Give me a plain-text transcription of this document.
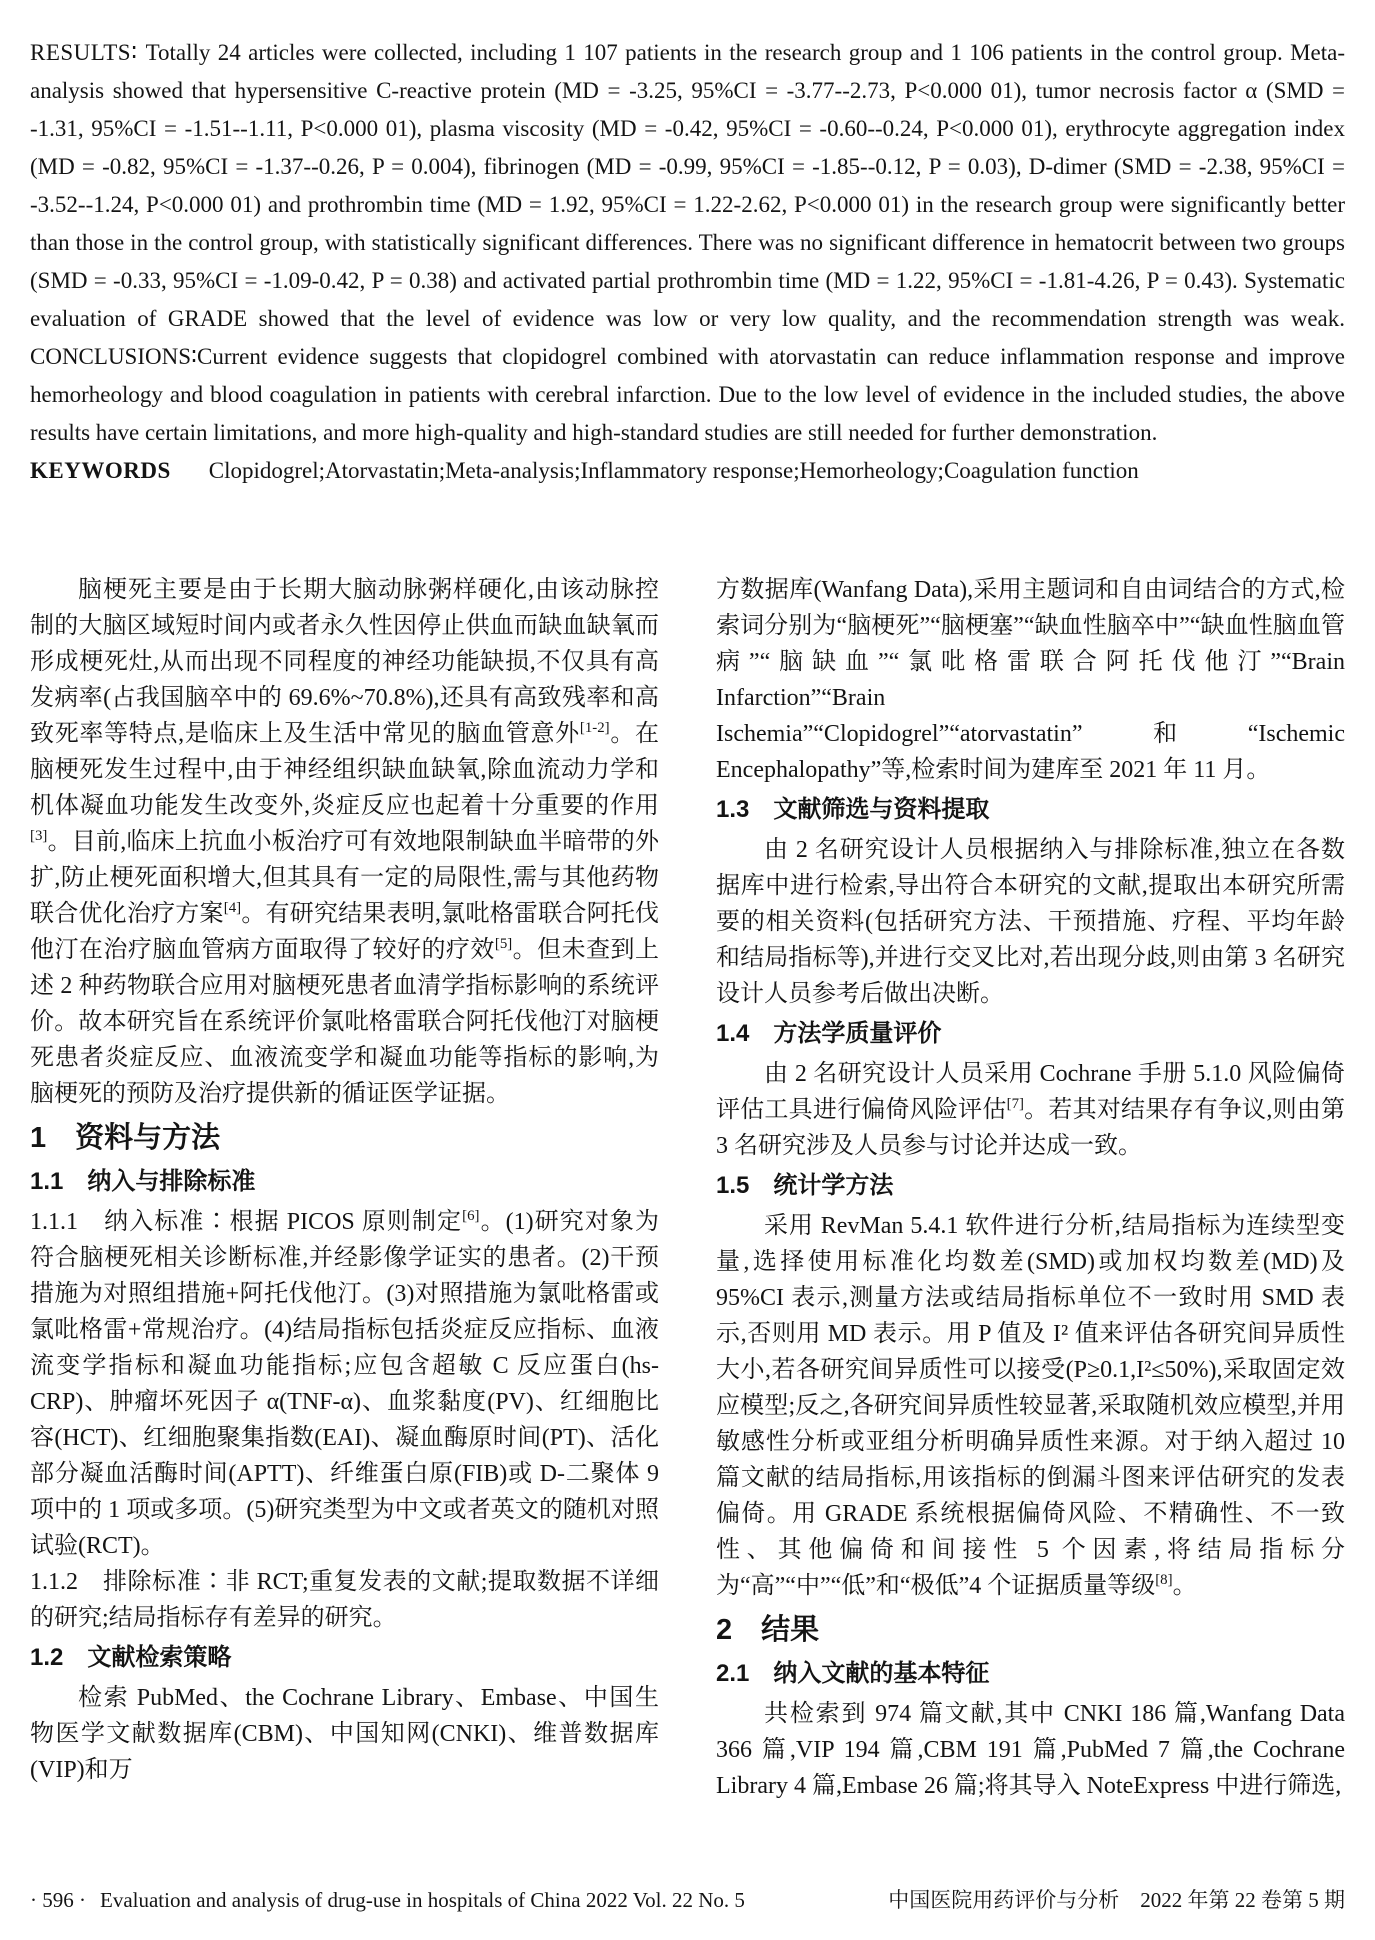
RESULTS∶ Totally 24 articles were collected, including 1 107 patients in the research group and 1 106 patients in the control group. Meta-analysis showed that hypersensitive C-reactive protein (MD = -3.25, 95%CI = -3.77--2.73, P<0.000 01), tumor necrosis factor α (SMD = -1.31, 95%CI = -1.51--1.11, P<0.000 01), plasma viscosity (MD = -0.42, 95%CI = -0.60--0.24, P<0.000 01), erythrocyte aggregation index (MD = -0.82, 95%CI = -1.37--0.26, P = 0.004), fibrinogen (MD = -0.99, 95%CI = -1.85--0.12, P = 0.03), D-dimer (SMD = -2.38, 95%CI = -3.52--1.24, P<0.000 01) and prothrombin time (MD = 1.92, 95%CI = 1.22-2.62, P<0.000 01) in the research group were significantly better than those in the control group, with statistically significant differences. There was no significant difference in hematocrit between two groups (SMD = -0.33, 95%CI = -1.09-0.42, P = 0.38) and activated partial prothrombin time (MD = 1.22, 95%CI = -1.81-4.26, P = 0.43). Systematic evaluation of GRADE showed that the level of evidence was low or very low quality, and the recommendation strength was weak. CONCLUSIONS∶Current evidence suggests that clopidogrel combined with atorvastatin can reduce inflammation response and improve hemorheology and blood coagulation in patients with cerebral infarction. Due to the low level of evidence in the included studies, the above results have certain limitations, and more high-quality and high-standard studies are still needed for further demonstration.

KEYWORDS Clopidogrel;Atorvastatin;Meta-analysis;Inflammatory response;Hemorheology;Coagulation function

脑梗死主要是由于长期大脑动脉粥样硬化,由该动脉控制的大脑区域短时间内或者永久性因停止供血而缺血缺氧而形成梗死灶,从而出现不同程度的神经功能缺损,不仅具有高发病率(占我国脑卒中的 69.6%~70.8%),还具有高致残率和高致死率等特点,是临床上及生活中常见的脑血管意外[1-2]。在脑梗死发生过程中,由于神经组织缺血缺氧,除血流动力学和机体凝血功能发生改变外,炎症反应也起着十分重要的作用[3]。目前,临床上抗血小板治疗可有效地限制缺血半暗带的外扩,防止梗死面积增大,但其具有一定的局限性,需与其他药物联合优化治疗方案[4]。有研究结果表明,氯吡格雷联合阿托伐他汀在治疗脑血管病方面取得了较好的疗效[5]。但未查到上述 2 种药物联合应用对脑梗死患者血清学指标影响的系统评价。故本研究旨在系统评价氯吡格雷联合阿托伐他汀对脑梗死患者炎症反应、血液流变学和凝血功能等指标的影响,为脑梗死的预防及治疗提供新的循证医学证据。
1　资料与方法
1.1　纳入与排除标准
1.1.1　纳入标准∶根据 PICOS 原则制定[6]。(1)研究对象为符合脑梗死相关诊断标准,并经影像学证实的患者。(2)干预措施为对照组措施+阿托伐他汀。(3)对照措施为氯吡格雷或氯吡格雷+常规治疗。(4)结局指标包括炎症反应指标、血液流变学指标和凝血功能指标;应包含超敏 C 反应蛋白(hs-CRP)、肿瘤坏死因子 α(TNF-α)、血浆黏度(PV)、红细胞比容(HCT)、红细胞聚集指数(EAI)、凝血酶原时间(PT)、活化部分凝血活酶时间(APTT)、纤维蛋白原(FIB)或 D-二聚体 9 项中的 1 项或多项。(5)研究类型为中文或者英文的随机对照试验(RCT)。
1.1.2　排除标准∶非 RCT;重复发表的文献;提取数据不详细的研究;结局指标存有差异的研究。
1.2　文献检索策略
检索 PubMed、the Cochrane Library、Embase、中国生物医学文献数据库(CBM)、中国知网(CNKI)、维普数据库(VIP)和万
方数据库(Wanfang Data),采用主题词和自由词结合的方式,检索词分别为“脑梗死”“脑梗塞”“缺血性脑卒中”“缺血性脑血管病”“脑缺血”“氯吡格雷联合阿托伐他汀”“Brain Infarction”“Brain Ischemia”“Clopidogrel”“atorvastatin”和“Ischemic Encephalopathy”等,检索时间为建库至 2021 年 11 月。
1.3　文献筛选与资料提取
由 2 名研究设计人员根据纳入与排除标准,独立在各数据库中进行检索,导出符合本研究的文献,提取出本研究所需要的相关资料(包括研究方法、干预措施、疗程、平均年龄和结局指标等),并进行交叉比对,若出现分歧,则由第 3 名研究设计人员参考后做出决断。
1.4　方法学质量评价
由 2 名研究设计人员采用 Cochrane 手册 5.1.0 风险偏倚评估工具进行偏倚风险评估[7]。若其对结果存有争议,则由第 3 名研究涉及人员参与讨论并达成一致。
1.5　统计学方法
采用 RevMan 5.4.1 软件进行分析,结局指标为连续型变量,选择使用标准化均数差(SMD)或加权均数差(MD)及 95%CI 表示,测量方法或结局指标单位不一致时用 SMD 表示,否则用 MD 表示。用 P 值及 I² 值来评估各研究间异质性大小,若各研究间异质性可以接受(P≥0.1,I²≤50%),采取固定效应模型;反之,各研究间异质性较显著,采取随机效应模型,并用敏感性分析或亚组分析明确异质性来源。对于纳入超过 10 篇文献的结局指标,用该指标的倒漏斗图来评估研究的发表偏倚。用 GRADE 系统根据偏倚风险、不精确性、不一致性、其他偏倚和间接性 5 个因素,将结局指标分为“高”“中”“低”和“极低”4 个证据质量等级[8]。
2　结果
2.1　纳入文献的基本特征
共检索到 974 篇文献,其中 CNKI 186 篇,Wanfang Data 366 篇,VIP 194 篇,CBM 191 篇,PubMed 7 篇,the Cochrane Library 4 篇,Embase 26 篇;将其导入 NoteExpress 中进行筛选,
· 596 · Evaluation and analysis of drug-use in hospitals of China 2022 Vol. 22 No. 5	中国医院用药评价与分析　2022 年第 22 卷第 5 期
